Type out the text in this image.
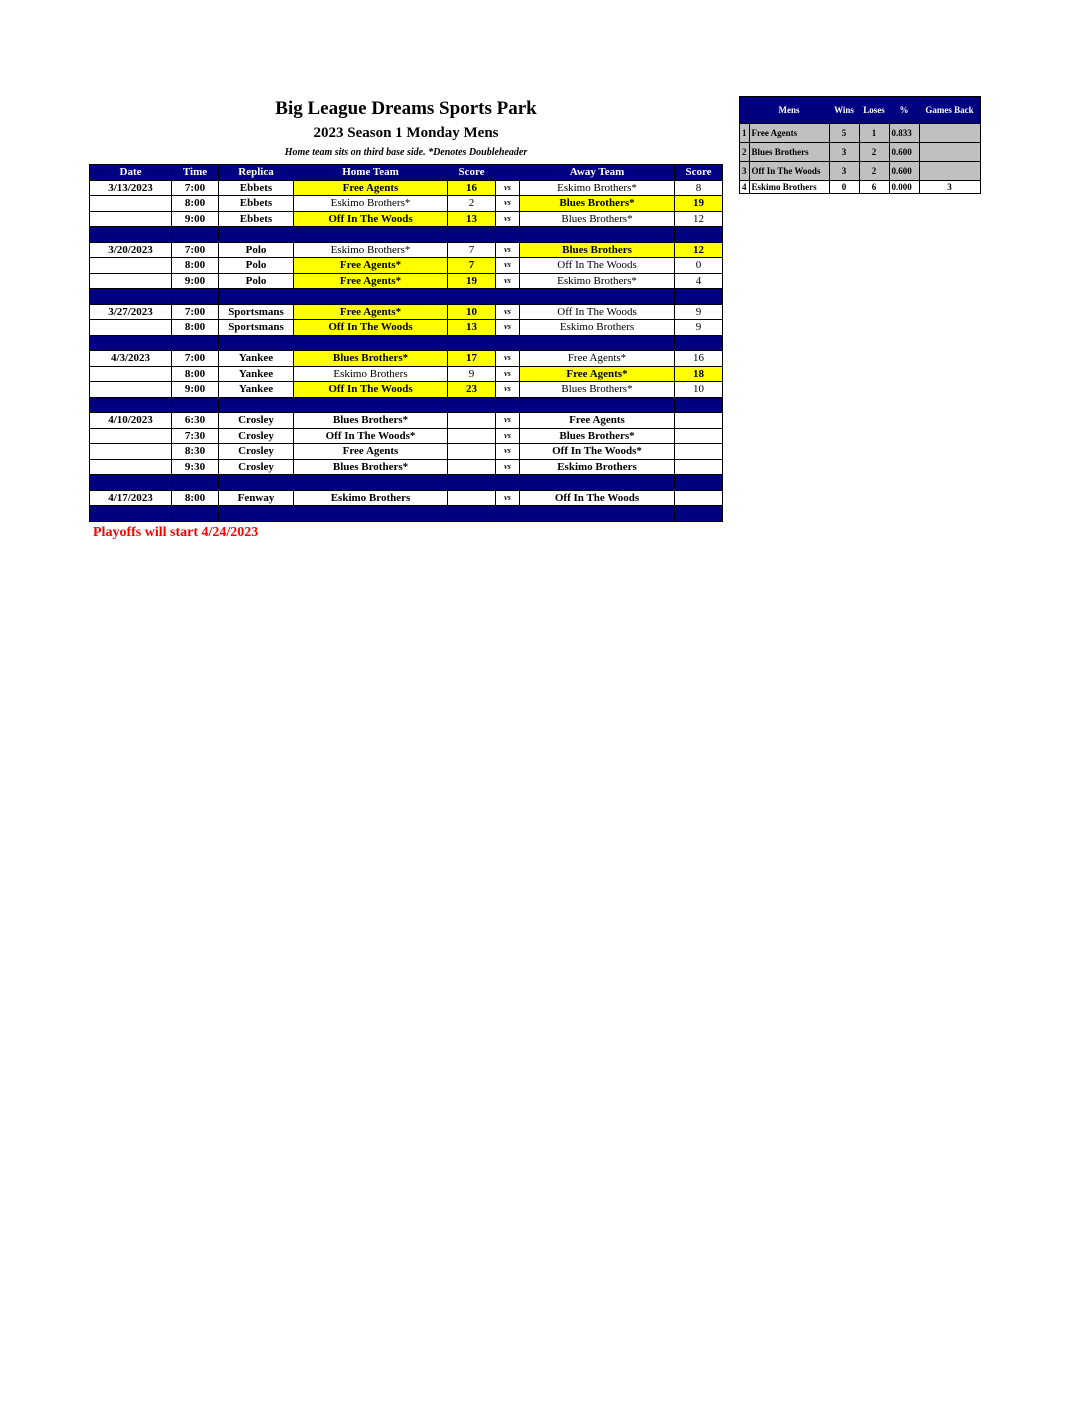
Big League Dreams Sports Park
2023 Season 1 Monday Mens
Home team sits on third base side. *Denotes Doubleheader
Date	Time	Replica	Home Team	Score		Away Team	Score
3/13/2023	7:00	Ebbets	Free Agents	16	vs	Eskimo Brothers*	8
	8:00	Ebbets	Eskimo Brothers*	2	vs	Blues Brothers*	19
	9:00	Ebbets	Off In The Woods	13	vs	Blues Brothers*	12

3/20/2023	7:00	Polo	Eskimo Brothers*	7	vs	Blues Brothers	12
	8:00	Polo	Free Agents*	7	vs	Off In The Woods	0
	9:00	Polo	Free Agents*	19	vs	Eskimo Brothers*	4

3/27/2023	7:00	Sportsmans	Free Agents*	10	vs	Off In The Woods	9
	8:00	Sportsmans	Off In The Woods	13	vs	Eskimo Brothers	9

4/3/2023	7:00	Yankee	Blues Brothers*	17	vs	Free Agents*	16
	8:00	Yankee	Eskimo Brothers	9	vs	Free Agents*	18
	9:00	Yankee	Off In The Woods	23	vs	Blues Brothers*	10

4/10/2023	6:30	Crosley	Blues Brothers*		vs	Free Agents	
	7:30	Crosley	Off In The Woods*		vs	Blues Brothers*	
	8:30	Crosley	Free Agents		vs	Off In The Woods*	
	9:30	Crosley	Blues Brothers*		vs	Eskimo Brothers	

4/17/2023	8:00	Fenway	Eskimo Brothers		vs	Off In The Woods	

	Mens	Wins	Loses	%	Games Back
1	Free Agents	5	1	0.833	
2	Blues Brothers	3	2	0.600	
3	Off In The Woods	3	2	0.600	
4	Eskimo Brothers	0	6	0.000	3
Playoffs will start 4/24/2023
